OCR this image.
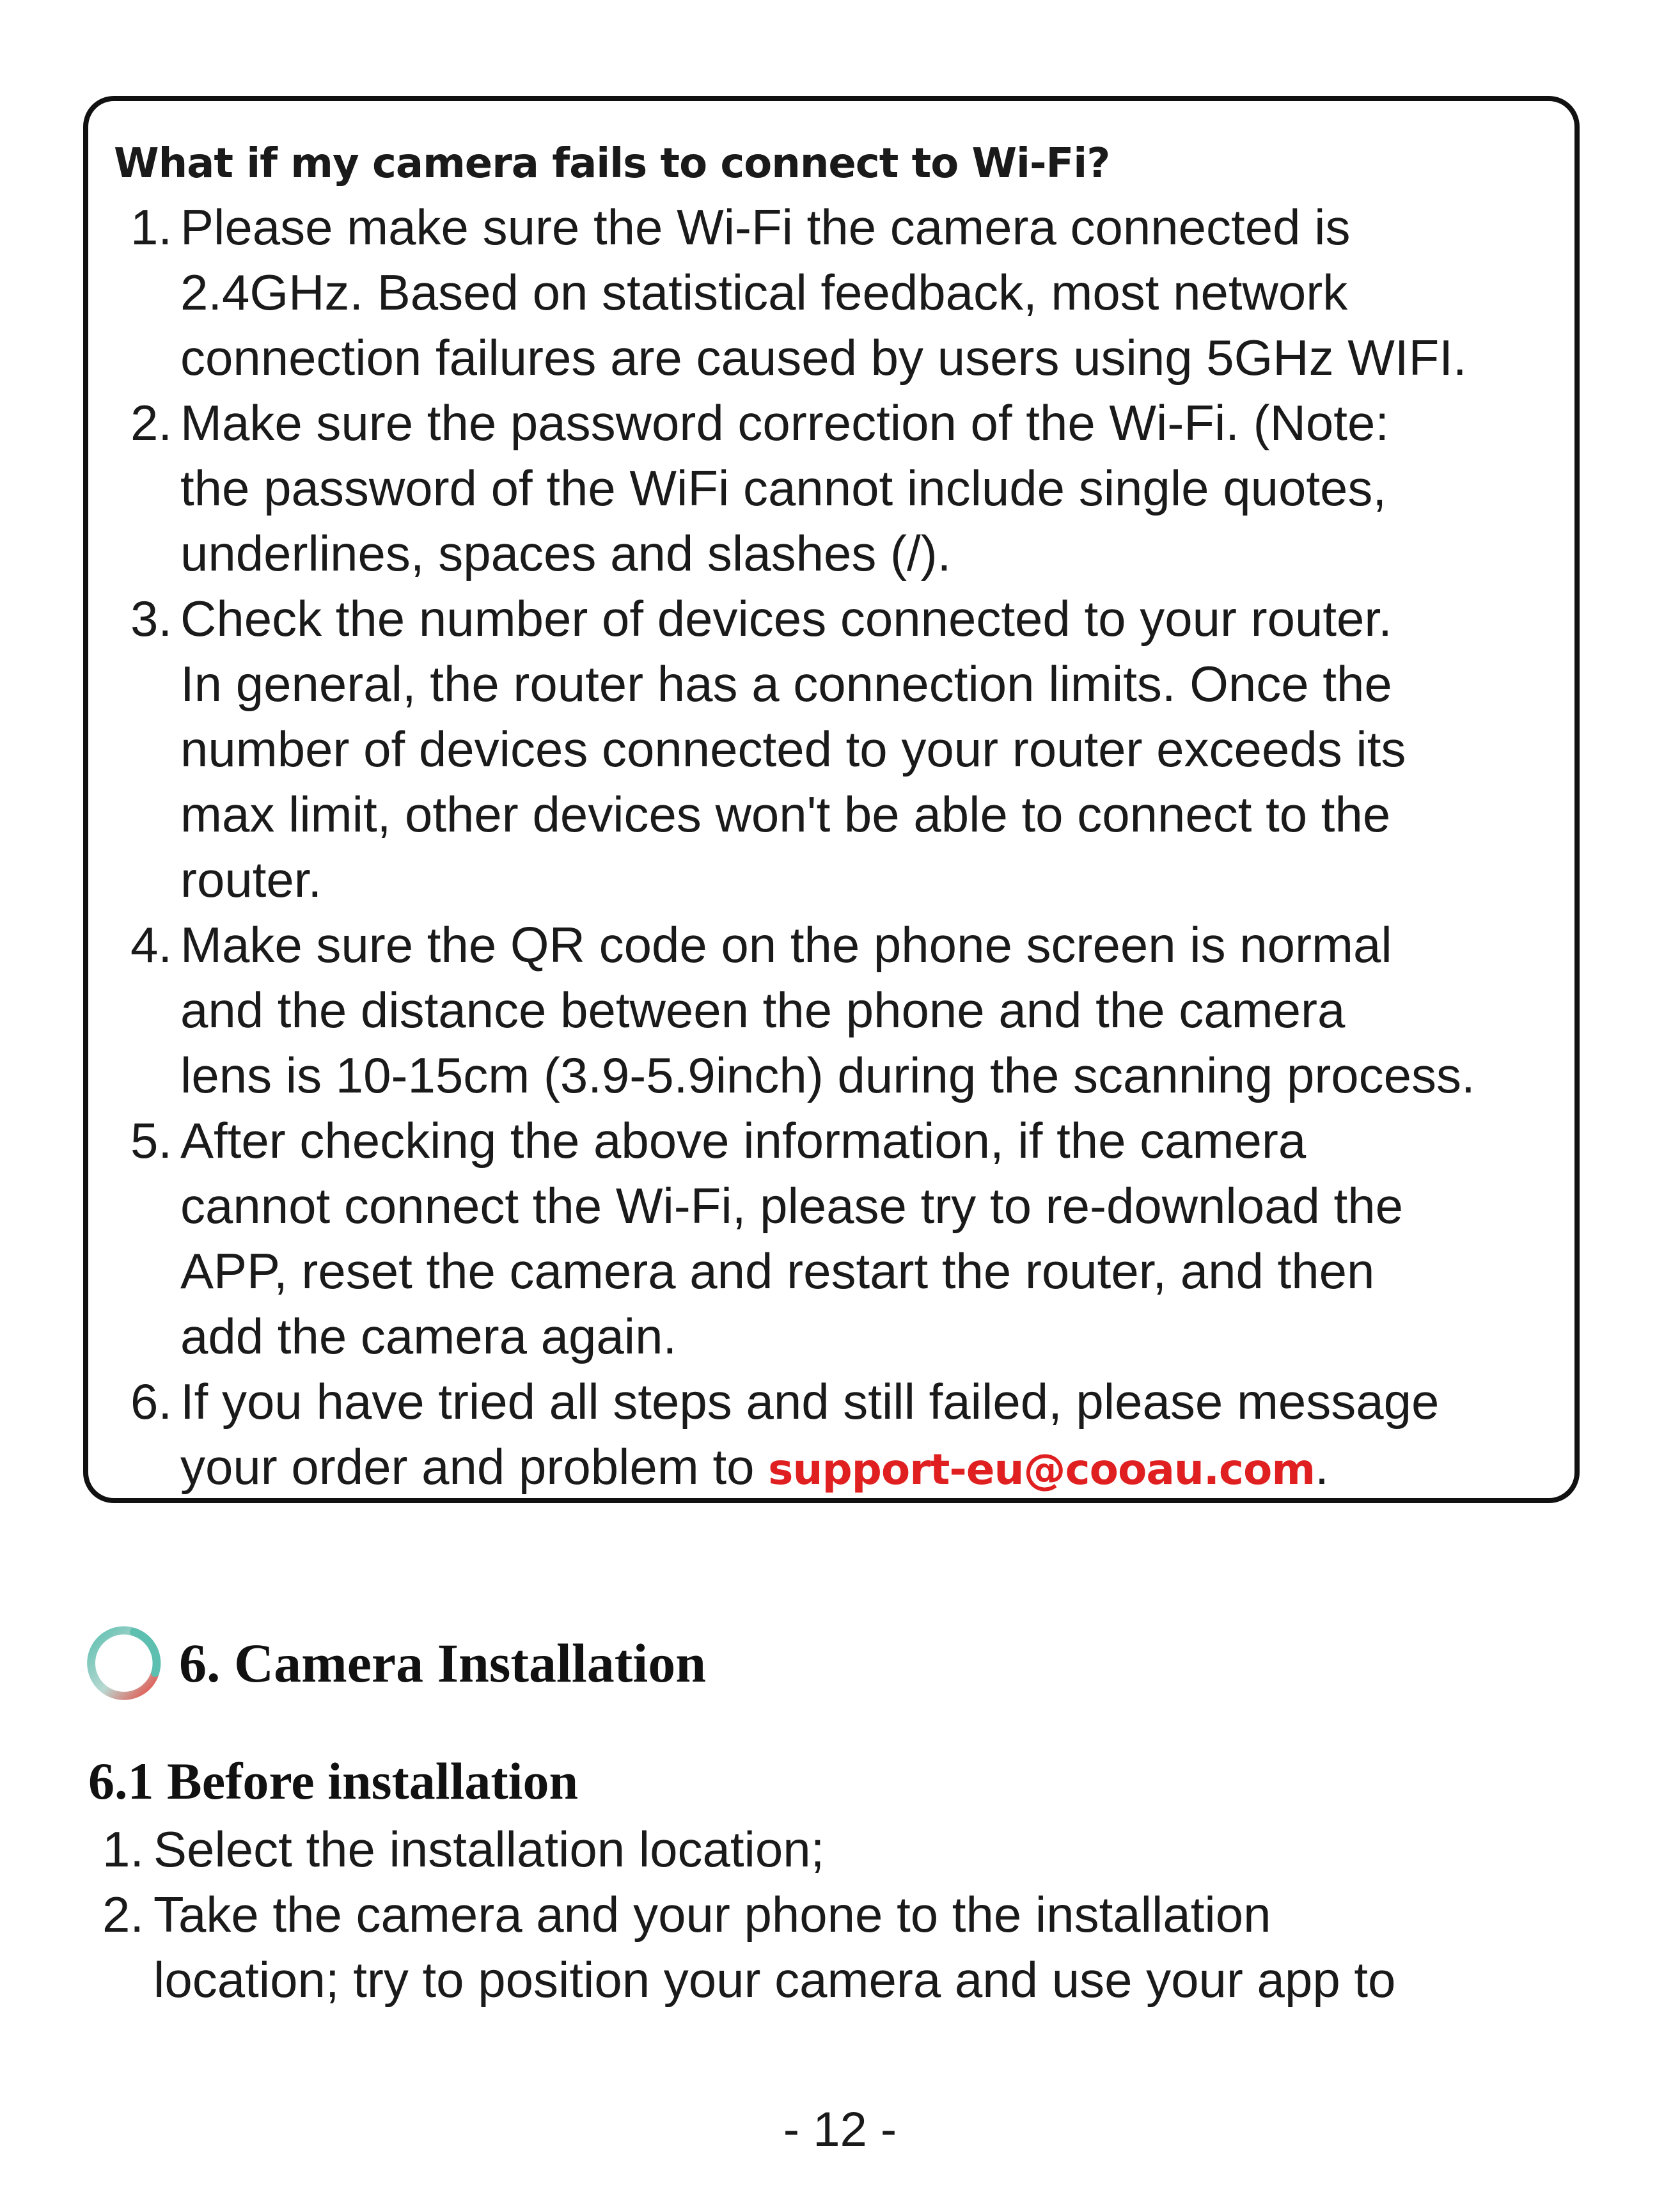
What if my camera fails to connect to Wi-Fi?
1. Please make sure the Wi-Fi the camera connected is
2.4GHz. Based on statistical feedback, most network
connection failures are caused by users using 5GHz WIFI.
2. Make sure the password correction of the Wi-Fi. (Note:
the password of the WiFi cannot include single quotes,
underlines, spaces and slashes (/).
3. Check the number of devices connected to your router.
In general, the router has a connection limits. Once the
number of devices connected to your router exceeds its
max limit, other devices won't be able to connect to the
router.
4. Make sure the QR code on the phone screen is normal
and the distance between the phone and the camera
lens is 10-15cm (3.9-5.9inch) during the scanning process.
5. After checking the above information, if the camera
cannot connect the Wi-Fi, please try to re-download the
APP, reset the camera and restart the router, and then
add the camera again.
6. If you have tried all steps and still failed, please message
your order and problem to support-eu@cooau.com.
6. Camera Installation
6.1 Before installation
1. Select the installation location;
2. Take the camera and your phone to the installation
location; try to position your camera and use your app to
- 12 -
